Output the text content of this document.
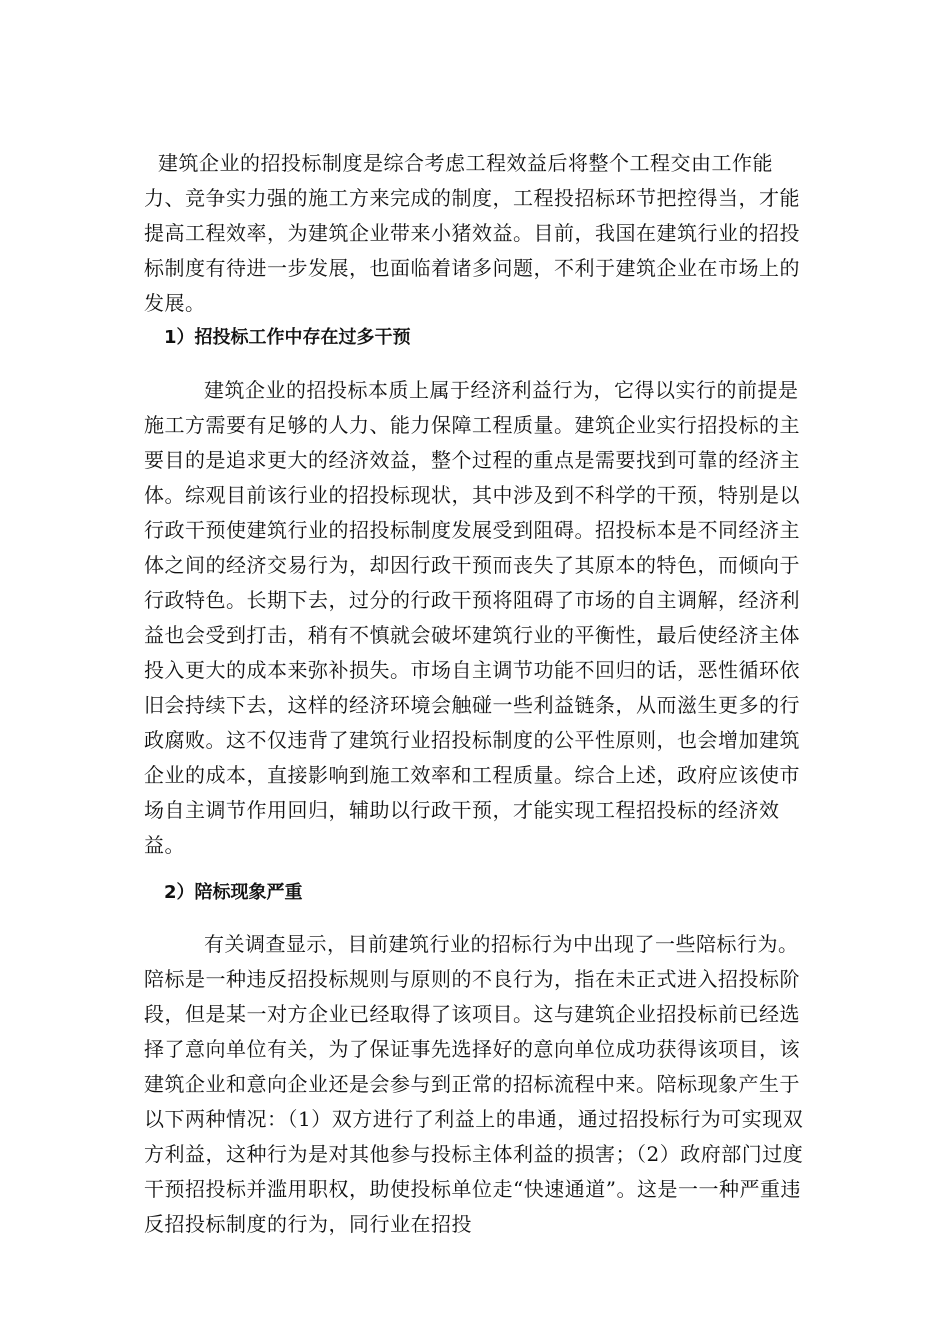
建筑企业的招投标制度是综合考虑工程效益后将整个工程交由工作能力、竞争实力强的施工方来完成的制度，工程投招标环节把控得当，才能提高工程效率，为建筑企业带来小猪效益。目前，我国在建筑行业的招投标制度有待进一步发展，也面临着诸多问题，不利于建筑企业在市场上的发展。

1）招投标工作中存在过多干预

建筑企业的招投标本质上属于经济利益行为，它得以实行的前提是施工方需要有足够的人力、能力保障工程质量。建筑企业实行招投标的主要目的是追求更大的经济效益，整个过程的重点是需要找到可靠的经济主体。综观目前该行业的招投标现状，其中涉及到不科学的干预，特别是以行政干预使建筑行业的招投标制度发展受到阻碍。招投标本是不同经济主体之间的经济交易行为，却因行政干预而丧失了其原本的特色，而倾向于行政特色。长期下去，过分的行政干预将阻碍了市场的自主调解，经济利益也会受到打击，稍有不慎就会破坏建筑行业的平衡性，最后使经济主体投入更大的成本来弥补损失。市场自主调节功能不回归的话，恶性循环依旧会持续下去，这样的经济环境会触碰一些利益链条，从而滋生更多的行政腐败。这不仅违背了建筑行业招投标制度的公平性原则，也会增加建筑企业的成本，直接影响到施工效率和工程质量。综合上述，政府应该使市场自主调节作用回归，辅助以行政干预，才能实现工程招投标的经济效益。

2）陪标现象严重

有关调查显示，目前建筑行业的招标行为中出现了一些陪标行为。陪标是一种违反招投标规则与原则的不良行为，指在未正式进入招投标阶段，但是某一对方企业已经取得了该项目。这与建筑企业招投标前已经选择了意向单位有关，为了保证事先选择好的意向单位成功获得该项目，该建筑企业和意向企业还是会参与到正常的招标流程中来。陪标现象产生于以下两种情况：（1）双方进行了利益上的串通，通过招投标行为可实现双方利益，这种行为是对其他参与投标主体利益的损害；（2）政府部门过度干预招投标并滥用职权，助使投标单位走“快速通道”。这是一一种严重违反招投标制度的行为，同行业在招投
